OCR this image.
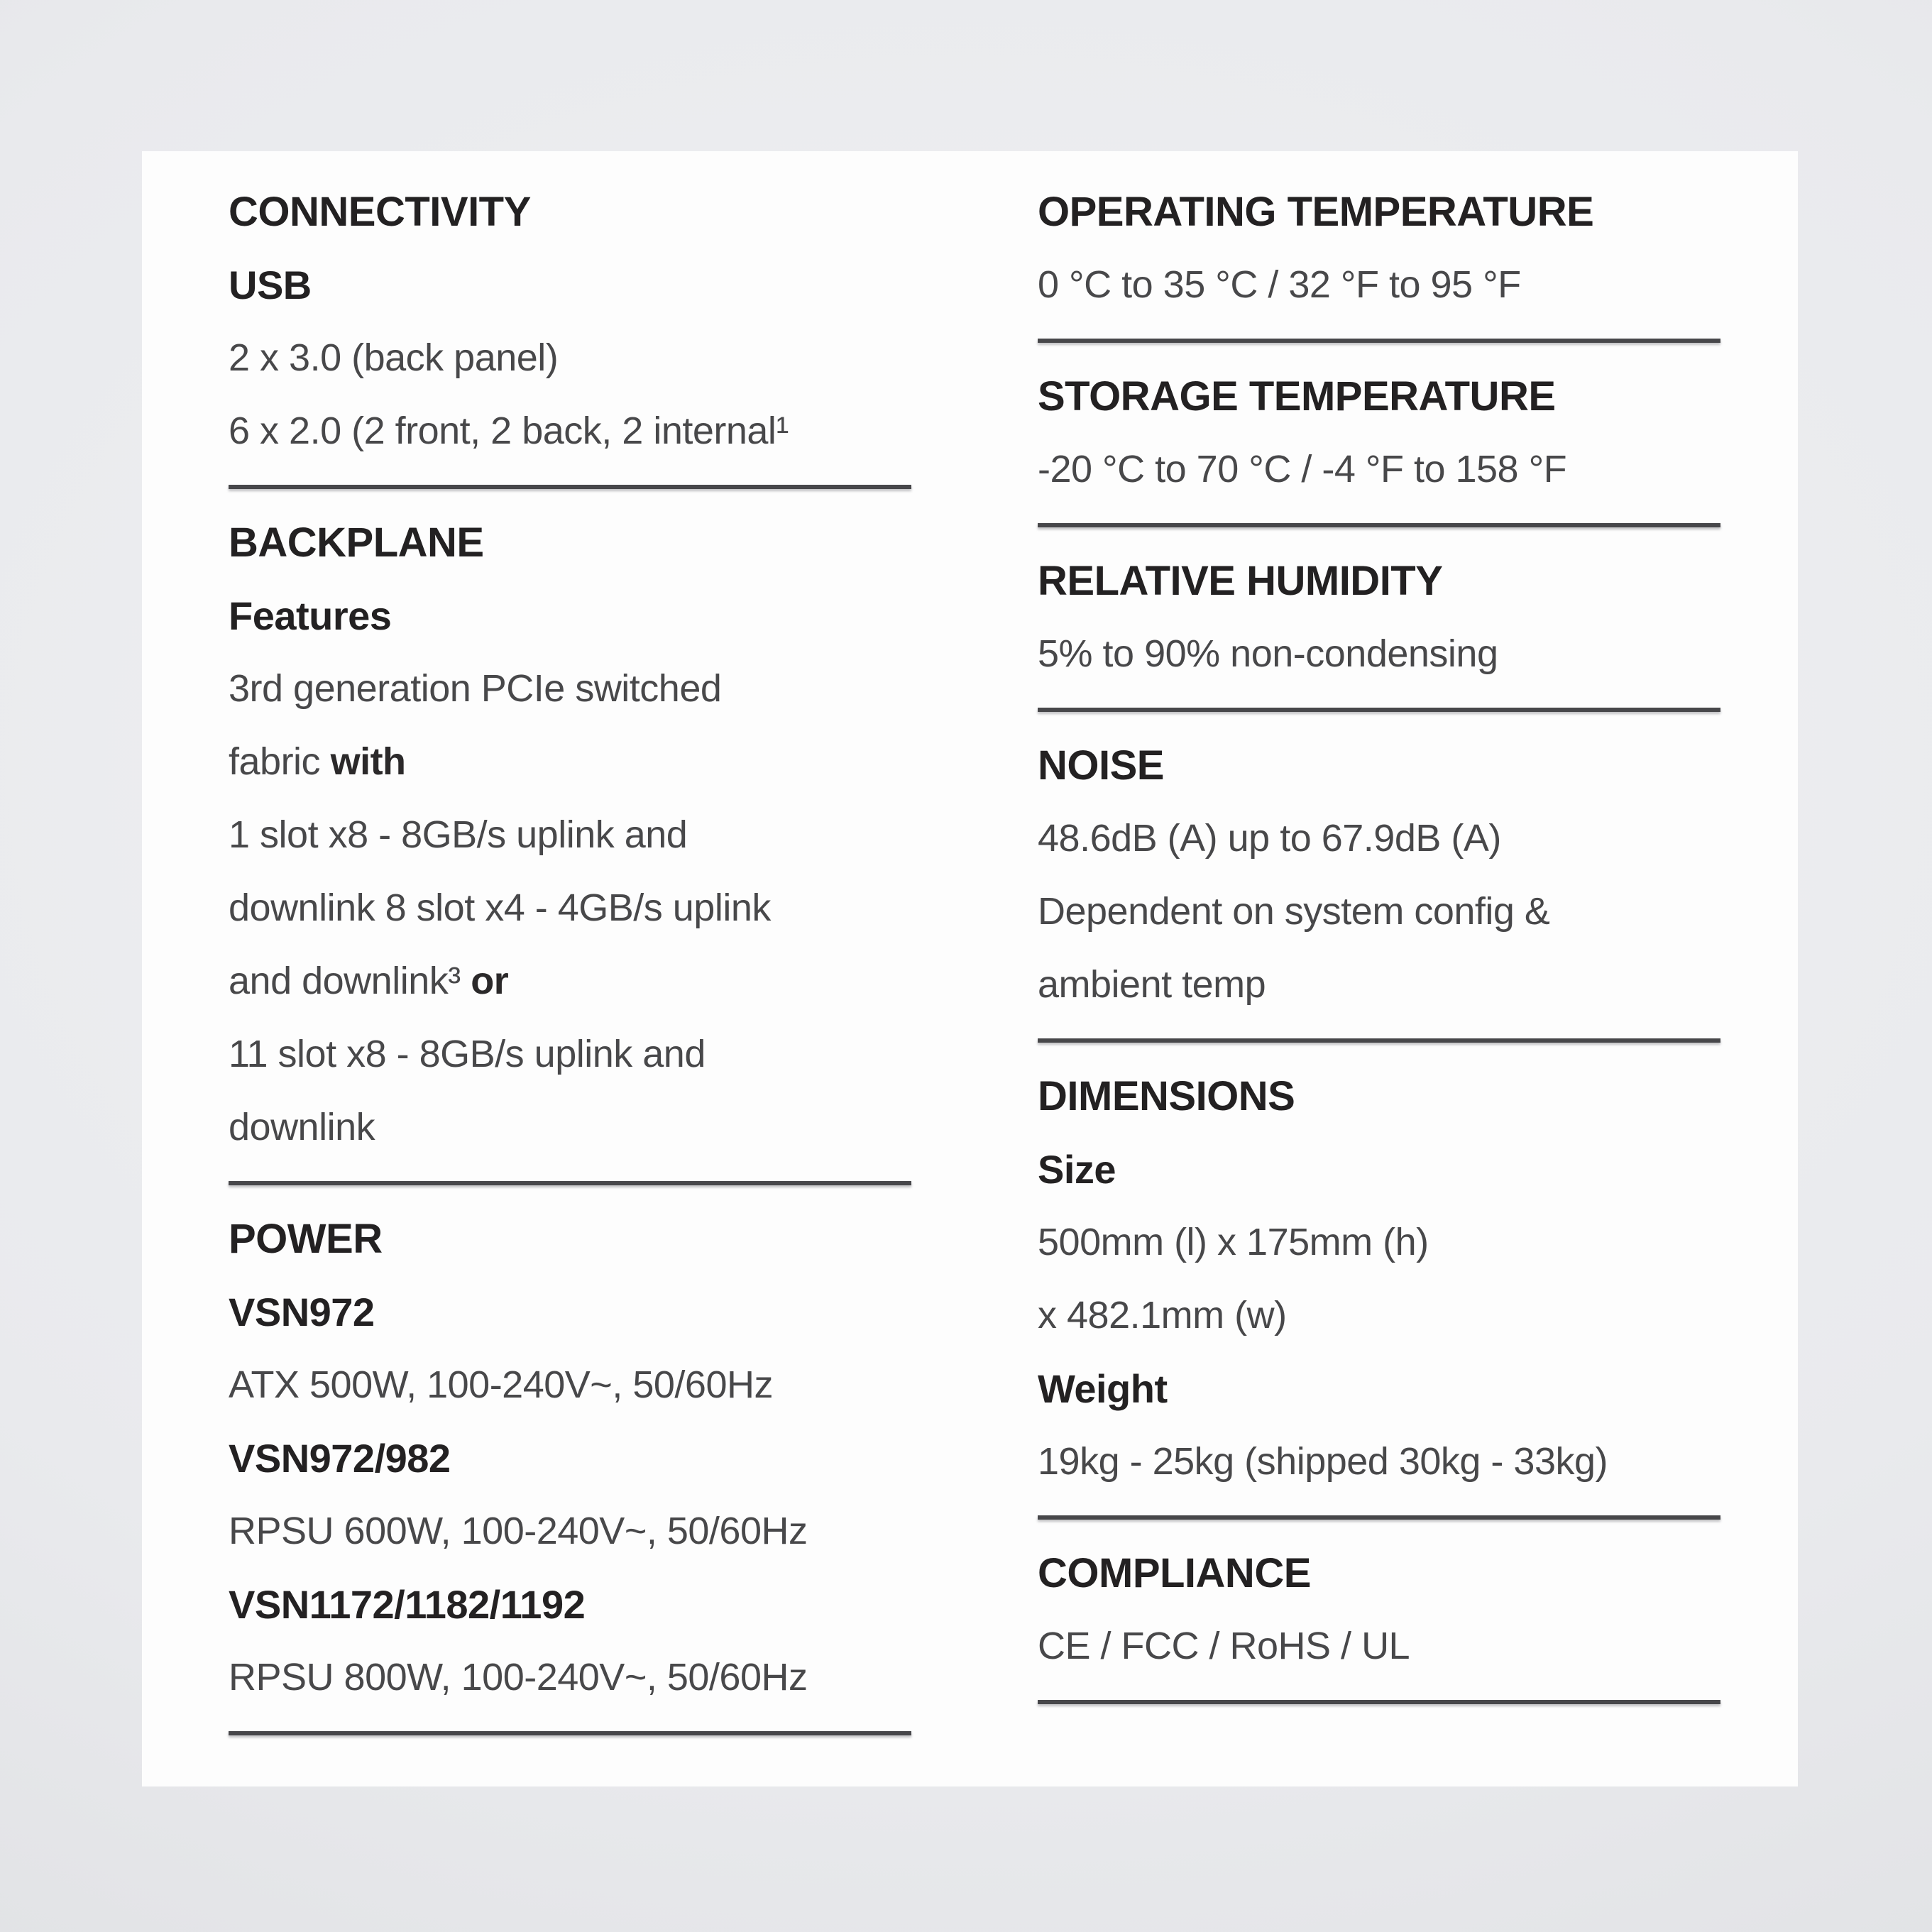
CONNECTIVITY
USB
2 x 3.0 (back panel)
6 x 2.0 (2 front, 2 back, 2 internal¹
BACKPLANE
Features
3rd generation PCIe switched
fabric with
1 slot x8 - 8GB/s uplink and
downlink 8 slot x4 - 4GB/s uplink
and downlink³ or
11 slot x8 - 8GB/s uplink and
downlink
POWER
VSN972
ATX 500W, 100-240V~, 50/60Hz
VSN972/982
RPSU 600W, 100-240V~, 50/60Hz
VSN1172/1182/1192
RPSU 800W, 100-240V~, 50/60Hz
OPERATING TEMPERATURE
0 °C to 35 °C / 32 °F to 95 °F
STORAGE TEMPERATURE
-20 °C to 70 °C / -4 °F to 158 °F
RELATIVE HUMIDITY
5% to 90% non-condensing
NOISE
48.6dB (A) up to 67.9dB (A)
Dependent on system config &
ambient temp
DIMENSIONS
Size
500mm (l) x 175mm (h)
x 482.1mm (w)
Weight
19kg - 25kg (shipped 30kg - 33kg)
COMPLIANCE
CE / FCC / RoHS / UL
